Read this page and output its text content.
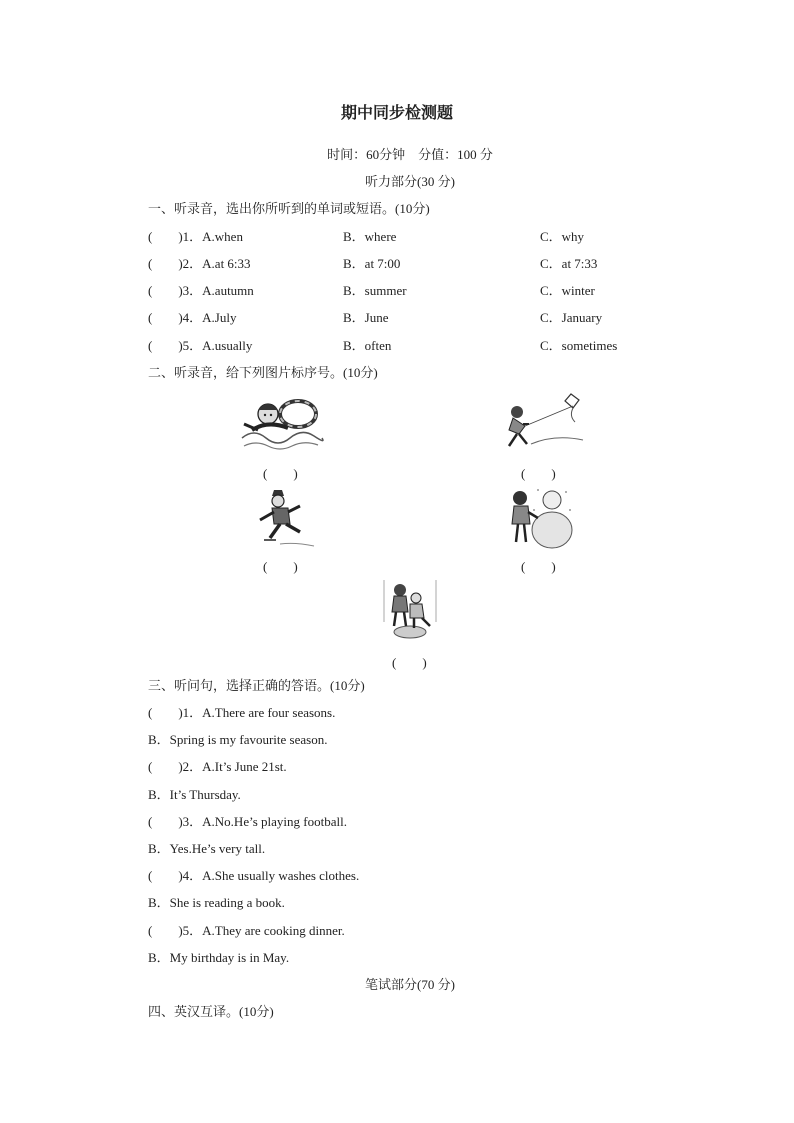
期中同步检测题
时间：60分钟　分值：100 分
听力部分(30 分)
一、听录音，选出你所听到的单词或短语。(10分)
(　　)1．A.when	B．where	C．why
(　　)2．A.at 6:33	B．at 7:00	C．at 7:33
(　　)3．A.autumn	B．summer	C．winter
(　　)4．A.July	B．June	C．January
(　　)5．A.usually	B．often	C．sometimes
二、听录音，给下列图片标序号。(10分)
(　　)	(　　)
(　　)	(　　)
(　　)
三、听问句，选择正确的答语。(10分)
(　　)1．A.There are four seasons.
B．Spring is my favourite season.
(　　)2．A.It’s June 21st.
B．It’s Thursday.
(　　)3．A.No.He’s playing football.
B．Yes.He’s very tall.
(　　)4．A.She usually washes clothes.
B．She is reading a book.
(　　)5．A.They are cooking dinner.
B．My birthday is in May.
笔试部分(70 分)
四、英汉互译。(10分)
